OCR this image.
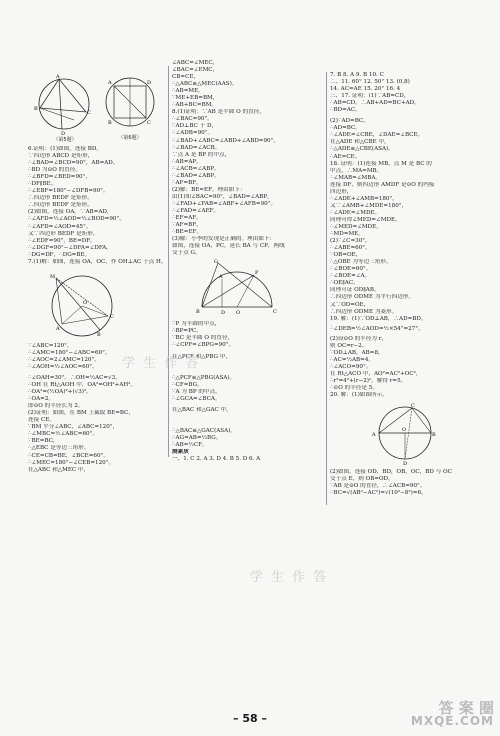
A
B
C
D
（第5题）
A	D
B	C
（第6题）
6.证明：(1)如图，连接 BD。
∵四边形 ABCD 是矩形，
∴∠BAD=∠BCD=90°，AB=AD。
∴BD 为⊙O 的直径。
∴∠BFD=∠BED=90°。
∴DF∥BE。
∴∠EBF=180°−∠DFB=90°。
∴四边形 BEDF 是矩形。
∴四边形 BEDF 是矩形。
(2)如图，连接 OA。∵AB=AD，
∴∠AFD=½∠AOD=½∠BOD=90°。
∴∠AFD=∠AOD=45°。
又∵四边形 BEDF 是矩形，
∴∠EDF=90°，BE=DF。
∴∠DGF=90°−∠DFA=∠DFA。
∴DG=DF，∴DG=BE。
7.(1)解：如图，连接 OA，OC，作 OH⊥AC 于点 H。
M
O
A
C
B
∵∠ABC=120°，
∴∠AMC=180°−∠ABC=60°。
∴∠AOC=2∠AMC=120°。
∴∠AOH=½∠AOC=60°。
∴∠OAH=30°。∴OH=½AC=√3。
∴OH 在 Rt△AOH 中，OA²=OH²+AH²。
∴OA²=(½OA)²+(√3)²。
∴OA=2。
即⊙O 的半径长为 2。
(2)证明：如图，在 BM 上截取 BE=BC，
连接 CE。
∵BM 平分∠ABC，∠ABC=120°，
∴∠MBC=½∠ABC=60°。
∵BE=BC，
∴△EBC 是等边三角形。
∴CE=CB=BE，∠BCE=60°。
∴∠MEC=180°−∠CEB=120°。
在△ABC 和△MEC 中，
∠ABC=∠MEC，
∠BAC=∠EMC，
CB=CE，
∴△ABC≌△MEC(AAS)。
∴AB=ME。
∵ME+EB=BM，
∴AB+BC=BM。
8.(1)证明：∵AB 是半圆 O 的直径，
∴∠BAC=90°。
∵AD⊥BC 于 D，
∴∠ADB=90°。
∴∠BAD+∠ABC=∠ABD+∠ABD=90°。
∴∠BAD=∠ACB。
∵点 A 是 BP 的中点，
∴AB=AP。
∴∠ACB=∠ABP。
∴∠BAD=∠ABP。
∴AF=BF。
(2)解：BE=EF。理由如下：
由(1)知∠BAC=90°，∠BAD=∠ABP，
∴∠FAD+∠FAB=∠ABF+∠AFB=90°。
∴∠FAD=∠AEF。
∴EF=AF。
∵AF=BF，
∴BE=EF。
(3)解：小李的发现是正确的。理由如下：
如图，连接 OA，PC，延长 BA 与 CP，两线
交于点 G。
G
P
A
B	C
O
D
∵P 为半圆的中点，
∴BP=PC。
∵BC 是半圆 O 的直径，
∴∠CPF=∠BPG=90°。
在△PCF 和△PBG 中，
∴△PCF≌△PBG(ASA)。
∴CF=BG。
∵A 为 BP 的中点，
∴∠GCA=∠BCA。
在△BAC 和△GAC 中，
∴△BAC≌△GAC(ASA)。
∴AG=AB=½BG。
∴AB=½CF。
测素质
一、1. C 2. A 3. D 4. B 5. D 6. A
7. B 8. A 9. B 10. C
二、11. 60° 12. 50° 13. (0,8)
14. AC=AE 15. 20° 16. 4
三、17. 证明：(1)∵AB=CD，
∴AB=CD。∴AB+AD=BC+AD。
∴BD=AC。
(2)∵AD=BC，
∴AD=BC。
∴∠ADE=∠CBE，∠DAE=∠BCE。
在△ADE 和△CBE 中，
∴△ADE≌△CBE(ASA)。
∴AE=CE。
18. 证明：(1)连接 MB，点 M 是 BC 的
中点，∴MA=MB。
∴∠MAB=∠MBA。
连接 DF，则四边形 AMDF 是⊙O 的内接
四边形，
∴∠ADE+∠AMB=180°。
又∵∠AMB+∠MDE=180°，
∴∠ADE=∠MDE。
同理可得∠MED=∠MDE。
∴∠MED=∠MDE。
∴MD=ME。
(2)∵∠C=30°，
∴∠ABE=60°。
∵OB=OE，
∴△OBE 为等边三角形。
∴∠BOE=60°。
∴∠BOE=∠A。
∴OE∥AC。
同理可证 OD∥AB。
∴四边形 ODME 为平行四边形。
又∵OD=OE，
∴四边形 ODME 为菱形。
19. 解：(1)∵OD⊥AB，∴AD=BD。
∴∠DEB=½∠AOD=½×54°=27°。
(2)设⊙O 的半径为 r，
则 OC=r−2。
∵OD⊥AB，AB=8，
∴AC=½AB=4。
∴∠ACO=90°。
在 Rt△ACO 中，AO²=AC²+OC²，
∴r²=4²+(r−2)²，解得 r=5。
∴⊙O 的半径是 5。
20. 解：(1)如图所示。
C
A	B
O
D
(2)如图，连接 OD，BD，OB，OC，BD 与 OC
交于点 E，则 OB=OD。
∵AB 是⊙O 的直径，∴∠ACB=90°。
∴BC=√(AB²−AC²)=√(10²−8²)=6。
学 生 作 答
学 生 作 答
– 58 –
答 案 圈
MXQE.COM
